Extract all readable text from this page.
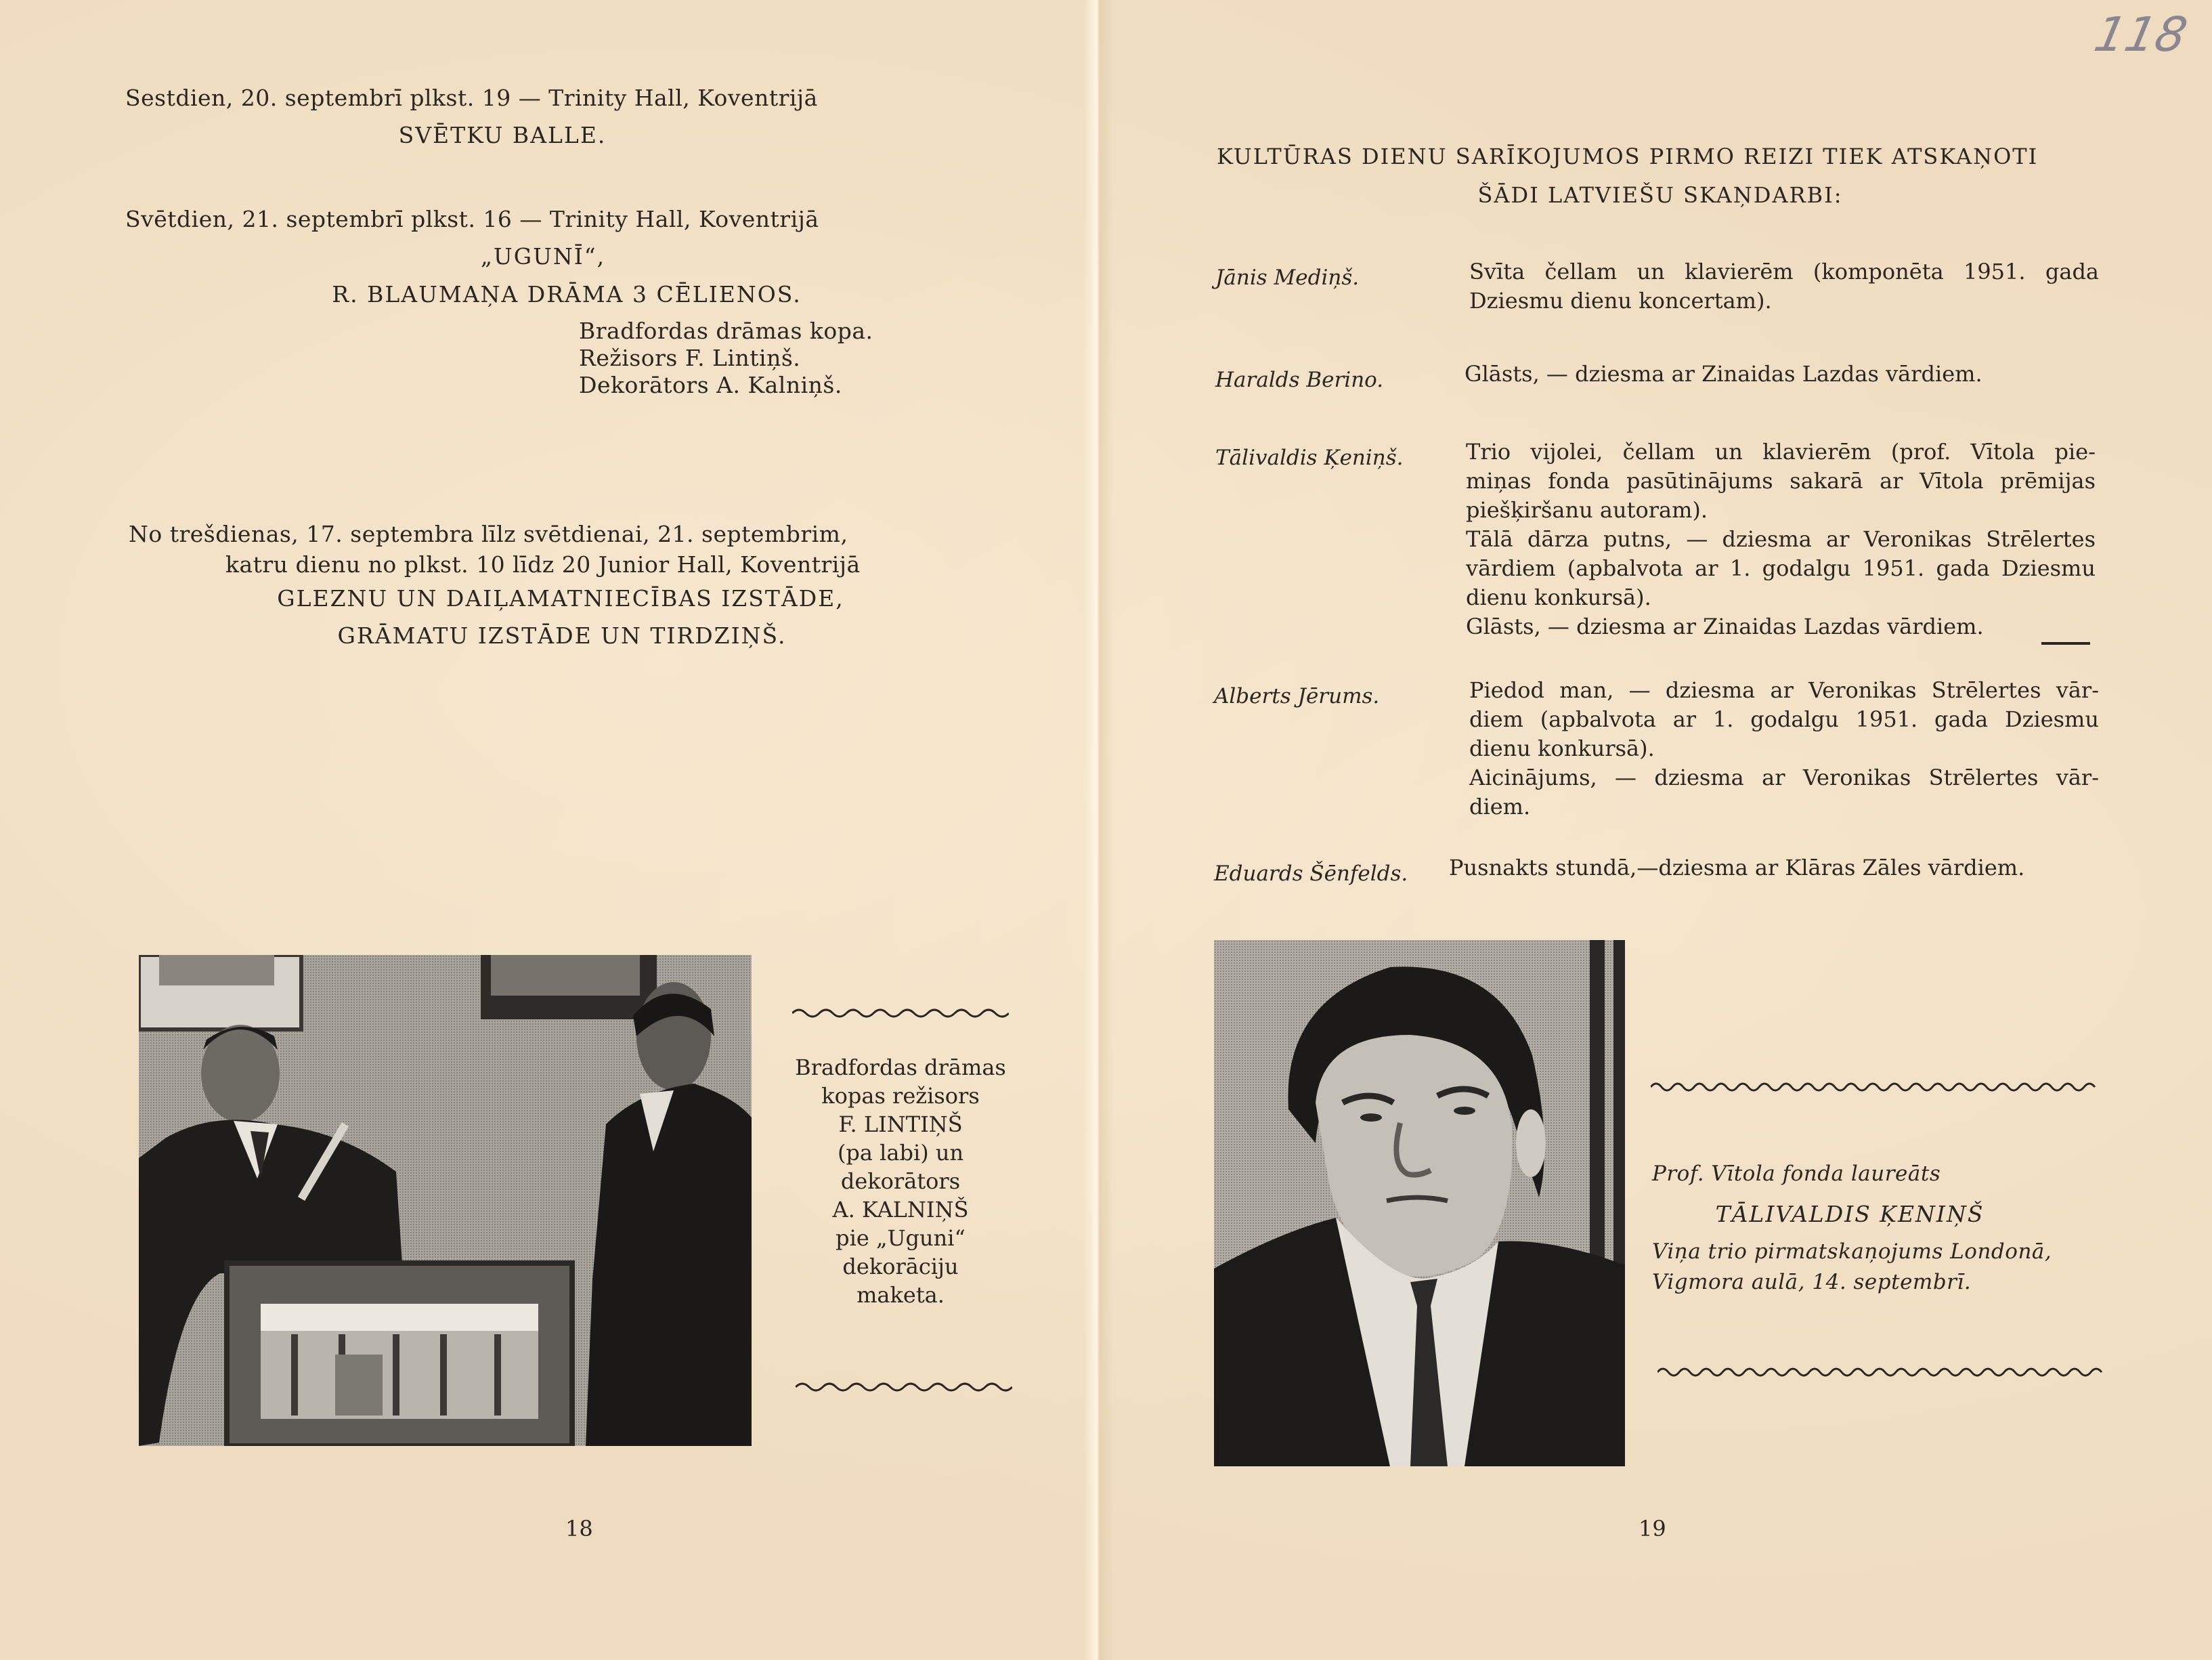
118
Sestdien, 20. septembrī plkst. 19 — Trinity Hall, Koventrijā
SVĒTKU BALLE.
Svētdien, 21. septembrī plkst. 16 — Trinity Hall, Koventrijā
„UGUNĪ“,
R. BLAUMAŅA DRĀMA 3 CĒLIENOS.
Bradfordas drāmas kopa.
Režisors F. Lintiņš.
Dekorātors A. Kalniņš.
No trešdienas, 17. septembra līlz svētdienai, 21. septembrim,
katru dienu no plkst. 10 līdz 20 Junior Hall, Koventrijā
GLEZNU UN DAIĻAMATNIECĪBAS IZSTĀDE,
GRĀMATU IZSTĀDE UN TIRDZIŅŠ.
Bradfordas drāmas
kopas režisors
F. LINTIŅŠ
(pa labi) un
dekorātors
A. KALNIŅŠ
pie „Uguni“
dekorāciju
maketa.
18
KULTŪRAS DIENU SARĪKOJUMOS PIRMO REIZI TIEK ATSKAŅOTI
ŠĀDI LATVIEŠU SKAŅDARBI:
Jānis Mediņš.	Svīta čellam un klavierēm (komponēta 1951. gada
Dziesmu dienu koncertam).
Haralds Berino.	Glāsts, — dziesma ar Zinaidas Lazdas vārdiem.
Tālivaldis Ķeniņš.	Trio vijolei, čellam un klavierēm (prof. Vītola pie-
miņas fonda pasūtinājums sakarā ar Vītola prēmijas
piešķiršanu autoram).
Tālā dārza putns, — dziesma ar Veronikas Strēlertes
vārdiem (apbalvota ar 1. godalgu 1951. gada Dziesmu
dienu konkursā).
Glāsts, — dziesma ar Zinaidas Lazdas vārdiem.
Alberts Jērums.	Piedod man, — dziesma ar Veronikas Strēlertes vār-
diem (apbalvota ar 1. godalgu 1951. gada Dziesmu
dienu konkursā).
Aicinājums, — dziesma ar Veronikas Strēlertes vār-
diem.
Eduards Šēnfelds. Pusnakts stundā,—dziesma ar Klāras Zāles vārdiem.
Prof. Vītola fonda laureāts
TĀLIVALDIS ĶENIŅŠ
Viņa trio pirmatskaņojums Londonā,
Vigmora aulā, 14. septembrī.
19
